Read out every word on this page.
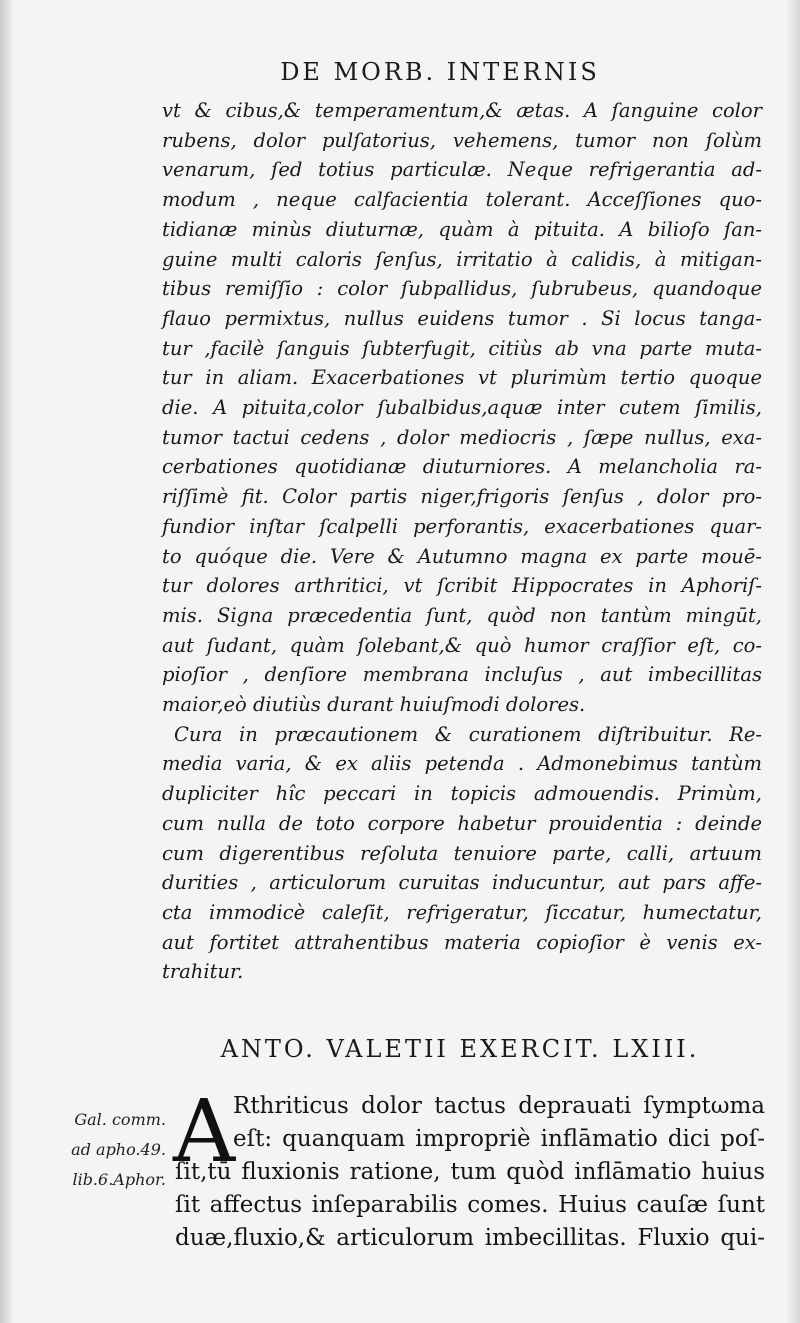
DE MORB. INTERNIS
vt & cibus,& temperamentum,& ætas. A ſanguine color
rubens, dolor pulſatorius, vehemens, tumor non ſolùm
venarum, ſed totius particulæ. Neque refrigerantia ad-
modum , neque calfacientia tolerant. Acceſſiones quo-
tidianæ minùs diuturnæ, quàm à pituita. A bilioſo ſan-
guine multi caloris ſenſus, irritatio à calidis, à mitigan-
tibus remiſſio : color ſubpallidus, ſubrubeus, quandoque
flauo permixtus, nullus euidens tumor . Si locus tanga-
tur ,facilè ſanguis ſubterfugit, citiùs ab vna parte muta-
tur in aliam. Exacerbationes vt plurimùm tertio quoque
die. A pituita,color ſubalbidus,aquæ inter cutem ſimilis,
tumor tactui cedens , dolor mediocris , ſæpe nullus, exa-
cerbationes quotidianæ diuturniores. A melancholia ra-
riſſimè fit. Color partis niger,frigoris ſenſus , dolor pro-
fundior inſtar ſcalpelli perforantis, exacerbationes quar-
to quóque die. Vere & Autumno magna ex parte mouē-
tur dolores arthritici, vt ſcribit Hippocrates in Aphoriſ-
mis. Signa præcedentia ſunt, quòd non tantùm mingūt,
aut ſudant, quàm ſolebant,& quò humor craſſior eſt, co-
pioſior , denſiore membrana incluſus , aut imbecillitas
maior,eò diutiùs durant huiuſmodi dolores.
Cura in præcautionem & curationem diſtribuitur. Re-
media varia, & ex aliis petenda . Admonebimus tantùm
dupliciter hîc peccari in topicis admouendis. Primùm,
cum nulla de toto corpore habetur prouidentia : deinde
cum digerentibus reſoluta tenuiore parte, calli, artuum
durities , articulorum curuitas inducuntur, aut pars affe-
cta immodicè caleſit, refrigeratur, ſiccatur, humectatur,
aut fortitet attrahentibus materia copioſior è venis ex-
trahitur.
ANTO. VALETII EXERCIT. LXIII.
Gal. comm.
ad apho.49.
lib.6.Aphor. A
Rthriticus dolor tactus deprauati ſymptωma
eſt: quanquam impropriè inflāmatio dici poſ-
ſit,tū fluxionis ratione, tum quòd inflāmatio huius
ſit affectus inſeparabilis comes. Huius cauſæ ſunt
duæ,fluxio,& articulorum imbecillitas. Fluxio qui-
